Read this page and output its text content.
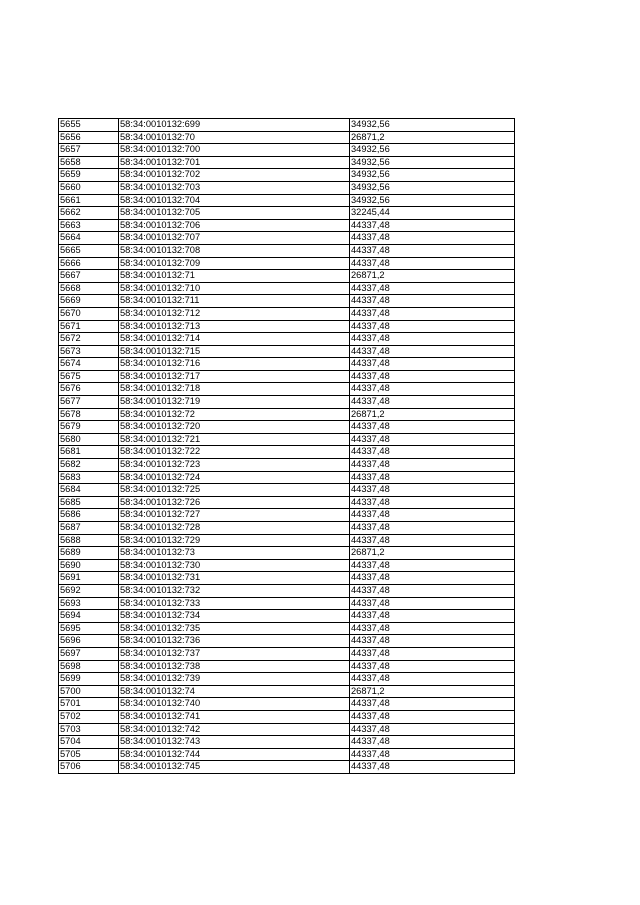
5655	58:34:0010132:699	34932,56
5656	58:34:0010132:70	26871,2
5657	58:34:0010132:700	34932,56
5658	58:34:0010132:701	34932,56
5659	58:34:0010132:702	34932,56
5660	58:34:0010132:703	34932,56
5661	58:34:0010132:704	34932,56
5662	58:34:0010132:705	32245,44
5663	58:34:0010132:706	44337,48
5664	58:34:0010132:707	44337,48
5665	58:34:0010132:708	44337,48
5666	58:34:0010132:709	44337,48
5667	58:34:0010132:71	26871,2
5668	58:34:0010132:710	44337,48
5669	58:34:0010132:711	44337,48
5670	58:34:0010132:712	44337,48
5671	58:34:0010132:713	44337,48
5672	58:34:0010132:714	44337,48
5673	58:34:0010132:715	44337,48
5674	58:34:0010132:716	44337,48
5675	58:34:0010132:717	44337,48
5676	58:34:0010132:718	44337,48
5677	58:34:0010132:719	44337,48
5678	58:34:0010132:72	26871,2
5679	58:34:0010132:720	44337,48
5680	58:34:0010132:721	44337,48
5681	58:34:0010132:722	44337,48
5682	58:34:0010132:723	44337,48
5683	58:34:0010132:724	44337,48
5684	58:34:0010132:725	44337,48
5685	58:34:0010132:726	44337,48
5686	58:34:0010132:727	44337,48
5687	58:34:0010132:728	44337,48
5688	58:34:0010132:729	44337,48
5689	58:34:0010132:73	26871,2
5690	58:34:0010132:730	44337,48
5691	58:34:0010132:731	44337,48
5692	58:34:0010132:732	44337,48
5693	58:34:0010132:733	44337,48
5694	58:34:0010132:734	44337,48
5695	58:34:0010132:735	44337,48
5696	58:34:0010132:736	44337,48
5697	58:34:0010132:737	44337,48
5698	58:34:0010132:738	44337,48
5699	58:34:0010132:739	44337,48
5700	58:34:0010132:74	26871,2
5701	58:34:0010132:740	44337,48
5702	58:34:0010132:741	44337,48
5703	58:34:0010132:742	44337,48
5704	58:34:0010132:743	44337,48
5705	58:34:0010132:744	44337,48
5706	58:34:0010132:745	44337,48
